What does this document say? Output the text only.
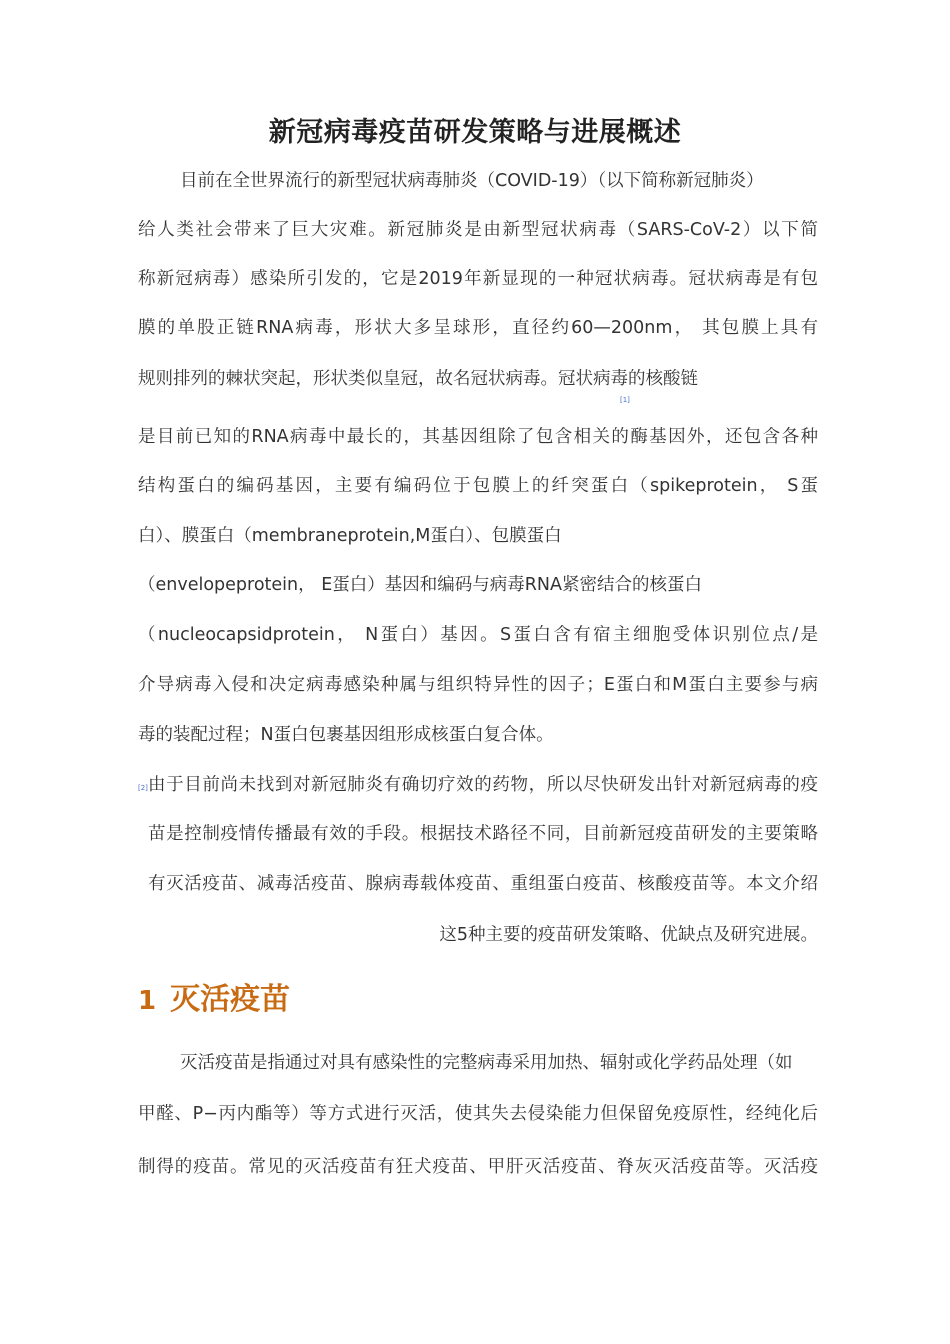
新冠病毒疫苗研发策略与进展概述
目前在全世界流行的新型冠状病毒肺炎（COVID-19）（以下简称新冠肺炎）
给人类社会带来了巨大灾难。新冠肺炎是由新型冠状病毒（SARS-CoV-2）以下简
称新冠病毒）感染所引发的，它是2019年新显现的一种冠状病毒。冠状病毒是有包
膜的单股正链RNA病毒，形状大多呈球形，直径约60—200nm， 其包膜上具有
规则排列的棘状突起，形状类似皇冠，故名冠状病毒。冠状病毒的核酸链
[1]
是目前已知的RNA病毒中最长的，其基因组除了包含相关的酶基因外，还包含各种
结构蛋白的编码基因，主要有编码位于包膜上的纤突蛋白（spikeprotein， S蛋
白）、膜蛋白（membraneprotein,M蛋白）、包膜蛋白
（envelopeprotein， E蛋白）基因和编码与病毒RNA紧密结合的核蛋白
（nucleocapsidprotein， N蛋白）基因。S蛋白含有宿主细胞受体识别位点/是
介导病毒入侵和决定病毒感染种属与组织特异性的因子；E蛋白和M蛋白主要参与病
毒的装配过程；N蛋白包裹基因组形成核蛋白复合体。
[2] 由于目前尚未找到对新冠肺炎有确切疗效的药物，所以尽快研发出针对新冠病毒的疫
苗是控制疫情传播最有效的手段。根据技术路径不同，目前新冠疫苗研发的主要策略
有灭活疫苗、减毒活疫苗、腺病毒载体疫苗、重组蛋白疫苗、核酸疫苗等。本文介绍
这5种主要的疫苗研发策略、优缺点及研究进展。
1 灭活疫苗
灭活疫苗是指通过对具有感染性的完整病毒采用加热、辐射或化学药品处理（如
甲醛、P−丙内酯等）等方式进行灭活，使其失去侵染能力但保留免疫原性，经纯化后
制得的疫苗。常见的灭活疫苗有狂犬疫苗、甲肝灭活疫苗、脊灰灭活疫苗等。灭活疫
